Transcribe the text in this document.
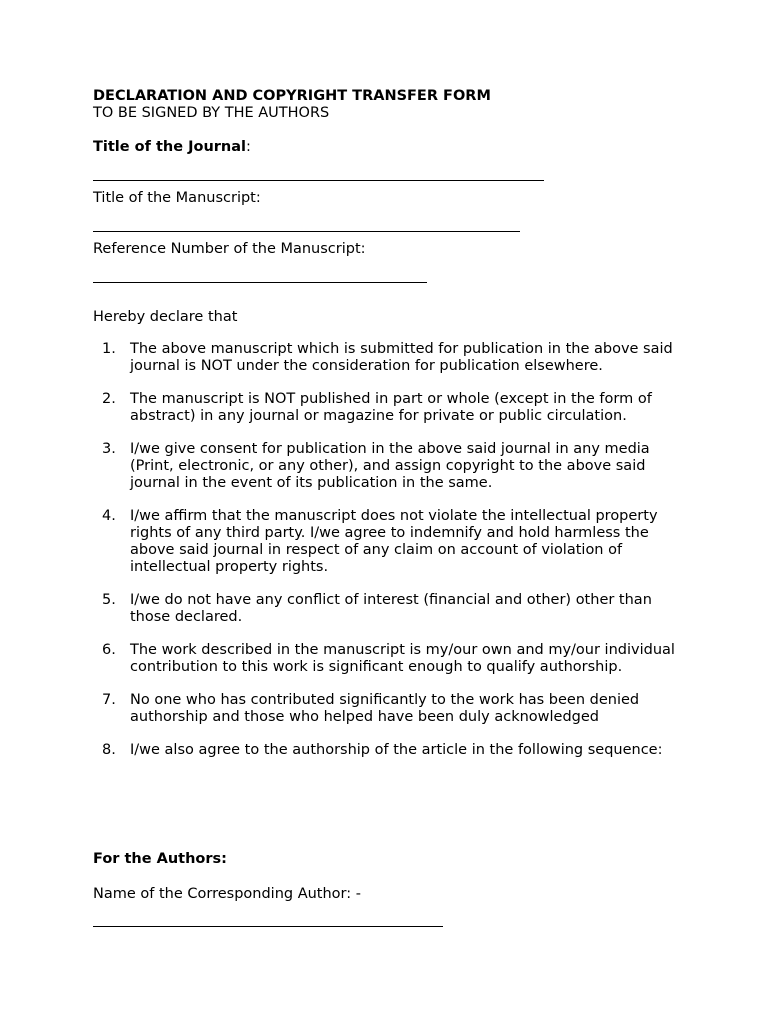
DECLARATION AND COPYRIGHT TRANSFER FORM
TO BE SIGNED BY THE AUTHORS
Title of the Journal:
Title of the Manuscript:
Reference Number of the Manuscript:
Hereby declare that
1. The above manuscript which is submitted for publication in the above said journal is NOT under the consideration for publication elsewhere.
2. The manuscript is NOT published in part or whole (except in the form of abstract) in any journal or magazine for private or public circulation.
3. I/we give consent for publication in the above said journal in any media (Print, electronic, or any other), and assign copyright to the above said journal in the event of its publication in the same.
4. I/we affirm that the manuscript does not violate the intellectual property rights of any third party. I/we agree to indemnify and hold harmless the above said journal in respect of any claim on account of violation of intellectual property rights.
5. I/we do not have any conflict of interest (financial and other) other than those declared.
6. The work described in the manuscript is my/our own and my/our individual contribution to this work is significant enough to qualify authorship.
7. No one who has contributed significantly to the work has been denied authorship and those who helped have been duly acknowledged
8. I/we also agree to the authorship of the article in the following sequence:
For the Authors:
Name of the Corresponding Author: -
